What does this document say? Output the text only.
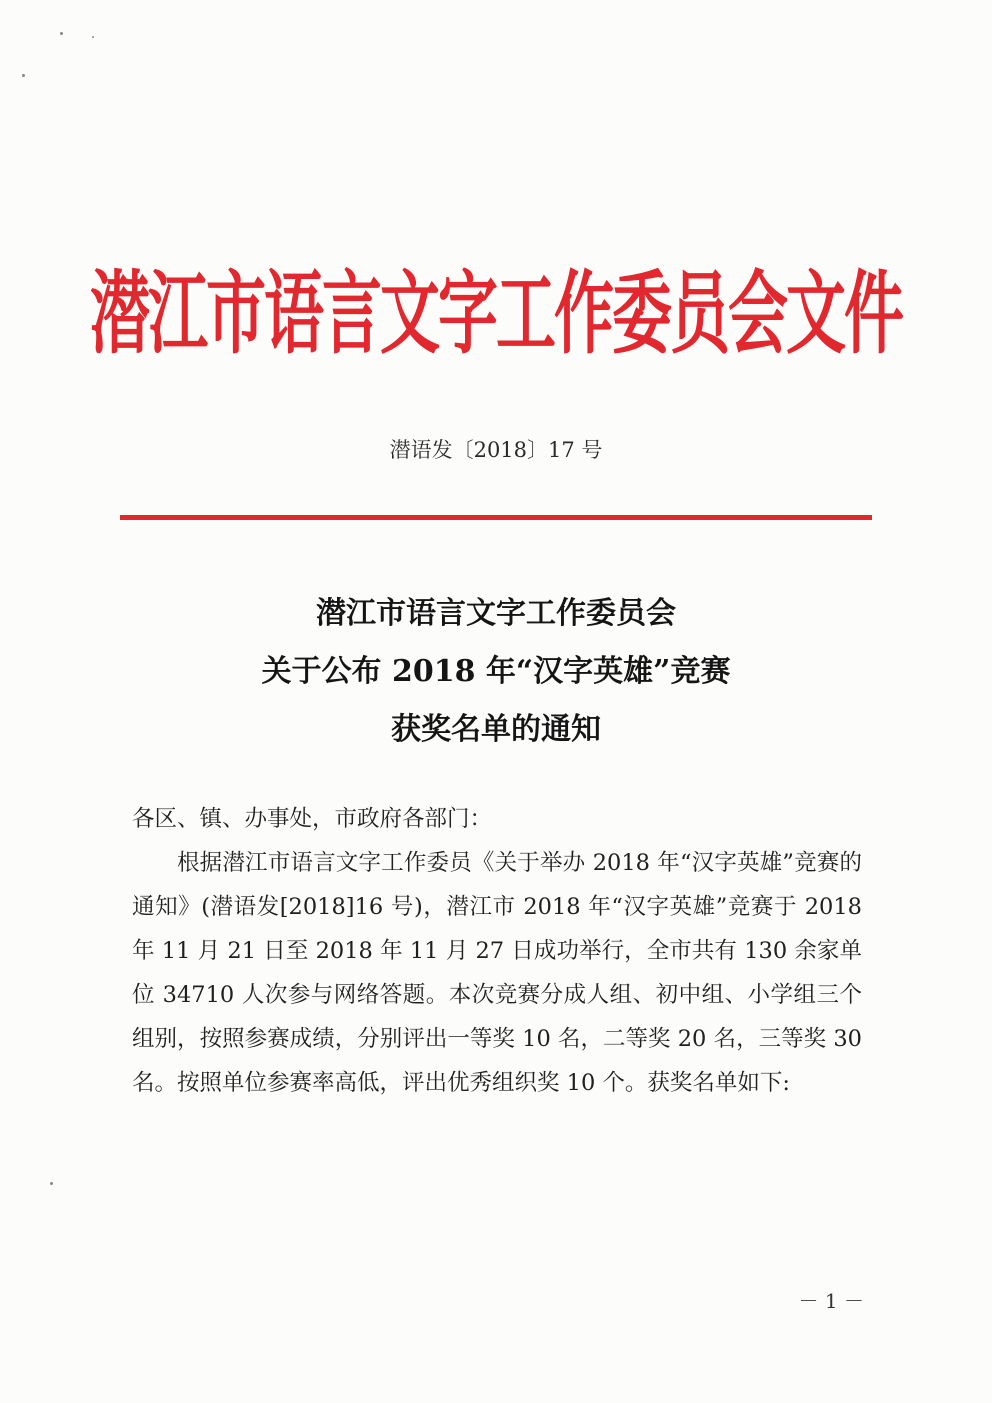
潜江市语言文字工作委员会文件
潜语发〔2018〕17 号
潜江市语言文字工作委员会
关于公布 2018 年“汉字英雄”竞赛
获奖名单的通知

各区、镇、办事处，市政府各部门：

根据潜江市语言文字工作委员《关于举办 2018 年“汉字英雄”竞赛的通知》(潜语发[2018]16 号)，潜江市 2018 年“汉字英雄”竞赛于 2018 年 11 月 21 日至 2018 年 11 月 27 日成功举行，全市共有 130 余家单位 34710 人次参与网络答题。本次竞赛分成人组、初中组、小学组三个组别，按照参赛成绩，分别评出一等奖 10 名，二等奖 20 名，三等奖 30 名。按照单位参赛率高低，评出优秀组织奖 10 个。获奖名单如下:

－ 1 －
